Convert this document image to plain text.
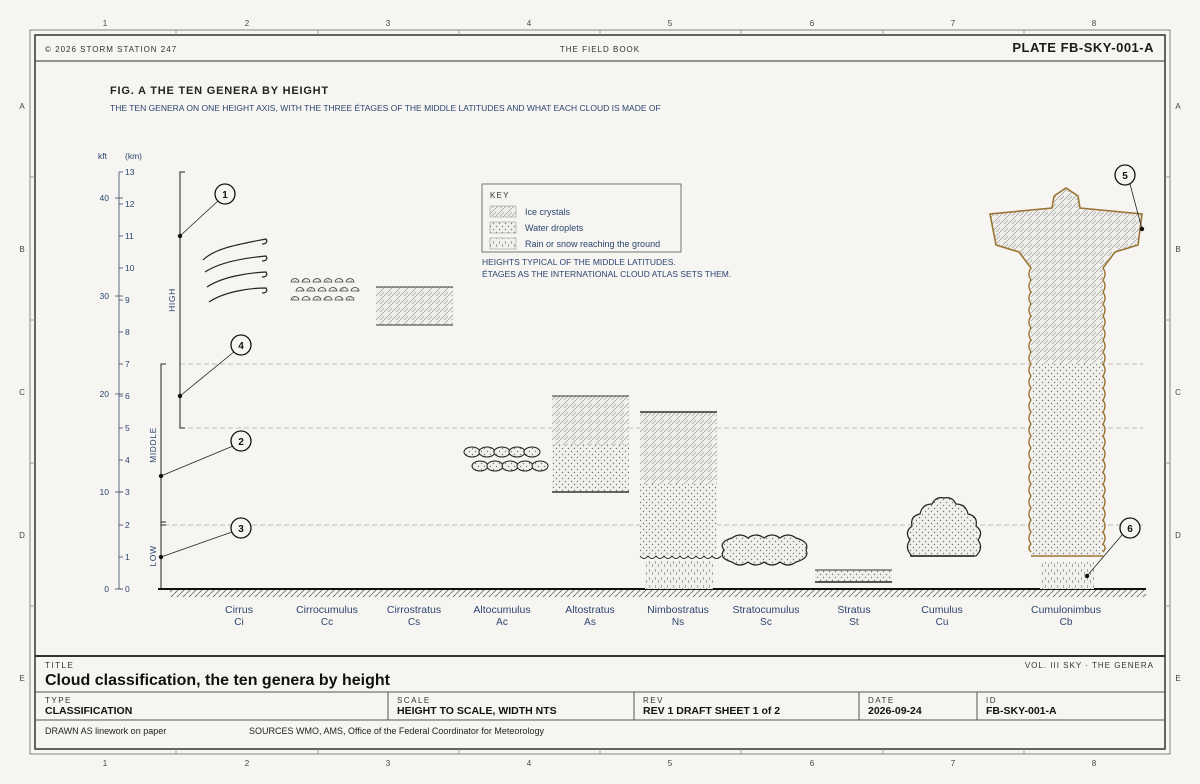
1	2	3	4	5	6	7	8
1	2	3	4	5	6	7	8
A
B
C
D
E
A
B
C
D
E
© 2026 STORM STATION 247	THE FIELD BOOK	PLATE FB-SKY-001-A
FIG. A THE TEN GENERA BY HEIGHT
THE TEN GENERA ON ONE HEIGHT AXIS, WITH THE THREE ÉTAGES OF THE MIDDLE LATITUDES AND WHAT EACH CLOUD IS MADE OF
kft (km)
0
10
20
30
40
0
1
2
3
4
5
6
7
8
9
10
11
12
13
HIGH
MIDDLE
LOW
1
2
3
4
5
6
KEY
Ice crystals
Water droplets
Rain or snow reaching the ground
HEIGHTS TYPICAL OF THE MIDDLE LATITUDES.
ÉTAGES AS THE INTERNATIONAL CLOUD ATLAS SETS THEM.
Cirrus	Cirrocumulus	Cirrostratus	Altocumulus	Altostratus	Nimbostratus Stratocumulus	Stratus	Cumulus	Cumulonimbus
Ci	Cc	Cs	Ac	As	Ns	Sc	St	Cu	Cb
TITLE
Cloud classification, the ten genera by height
VOL. III SKY · THE GENERA
TYPE
CLASSIFICATION
SCALE
HEIGHT TO SCALE, WIDTH NTS
REV
REV 1 DRAFT SHEET 1 of 2
DATE
2026-09-24
ID
FB-SKY-001-A
DRAWN AS linework on paper	SOURCES WMO, AMS, Office of the Federal Coordinator for Meteorology
